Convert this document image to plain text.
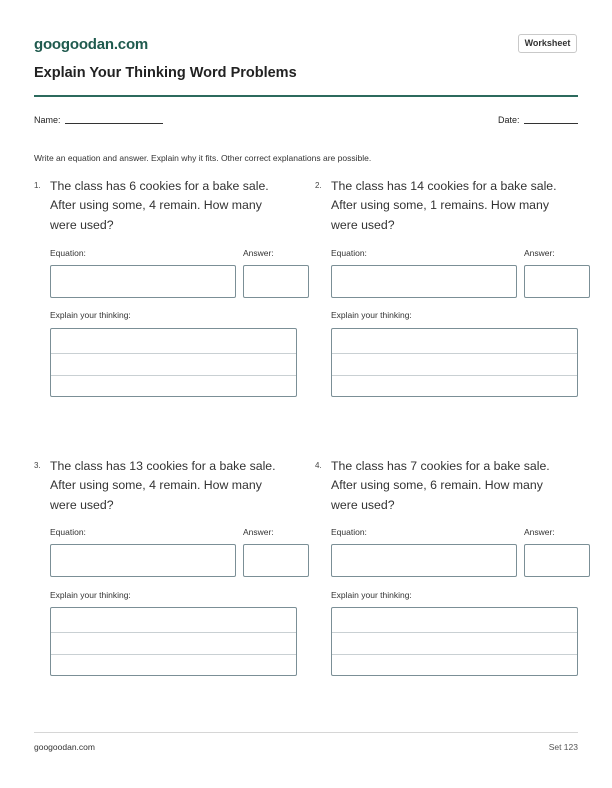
googoodan.com	Worksheet
Explain Your Thinking Word Problems
Name:	Date:
Write an equation and answer. Explain why it fits. Other correct explanations are possible.
1. The class has 6 cookies for a bake sale. After using some, 4 remain. How many were used?
Equation:	Answer:
Explain your thinking:
2. The class has 14 cookies for a bake sale. After using some, 1 remains. How many were used?
Equation:	Answer:
Explain your thinking:
3. The class has 13 cookies for a bake sale. After using some, 4 remain. How many were used?
Equation:	Answer:
Explain your thinking:
4. The class has 7 cookies for a bake sale. After using some, 6 remain. How many were used?
Equation:	Answer:
Explain your thinking:
googoodan.com	Set 123
